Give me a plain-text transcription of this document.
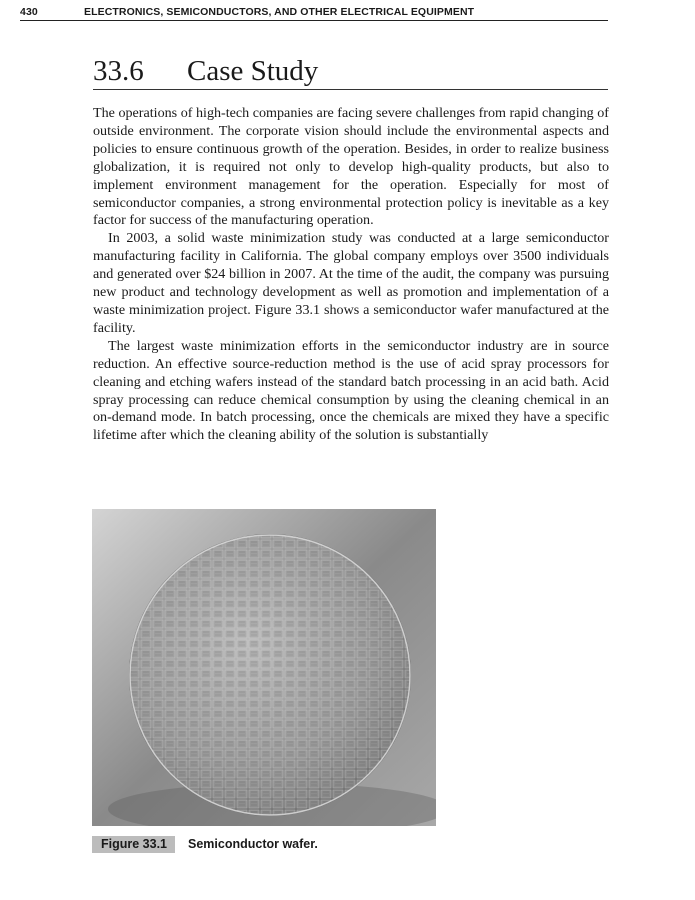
430	ELECTRONICS, SEMICONDUCTORS, AND OTHER ELECTRICAL EQUIPMENT
33.6 Case Study

The operations of high-tech companies are facing severe challenges from rapid changing of outside environment. The corporate vision should include the environmental aspects and policies to ensure continuous growth of the operation. Besides, in order to realize business globalization, it is required not only to develop high-quality products, but also to implement environment management for the operation. Especially for most of semiconductor companies, a strong environmental protection policy is inevitable as a key factor for success of the manufacturing operation.

In 2003, a solid waste minimization study was conducted at a large semiconductor manufacturing facility in California. The global company employs over 3500 individuals and generated over $24 billion in 2007. At the time of the audit, the company was pursuing new product and technology development as well as promotion and implementation of a waste minimization project. Figure 33.1 shows a semiconductor wafer manufactured at the facility.

The largest waste minimization efforts in the semiconductor industry are in source reduction. An effective source-reduction method is the use of acid spray processors for cleaning and etching wafers instead of the standard batch processing in an acid bath. Acid spray processing can reduce chemical consumption by using the cleaning chemical in an on-demand mode. In batch processing, once the chemicals are mixed they have a specific lifetime after which the cleaning ability of the solution is substantially

Figure 33.1 Semiconductor wafer.
